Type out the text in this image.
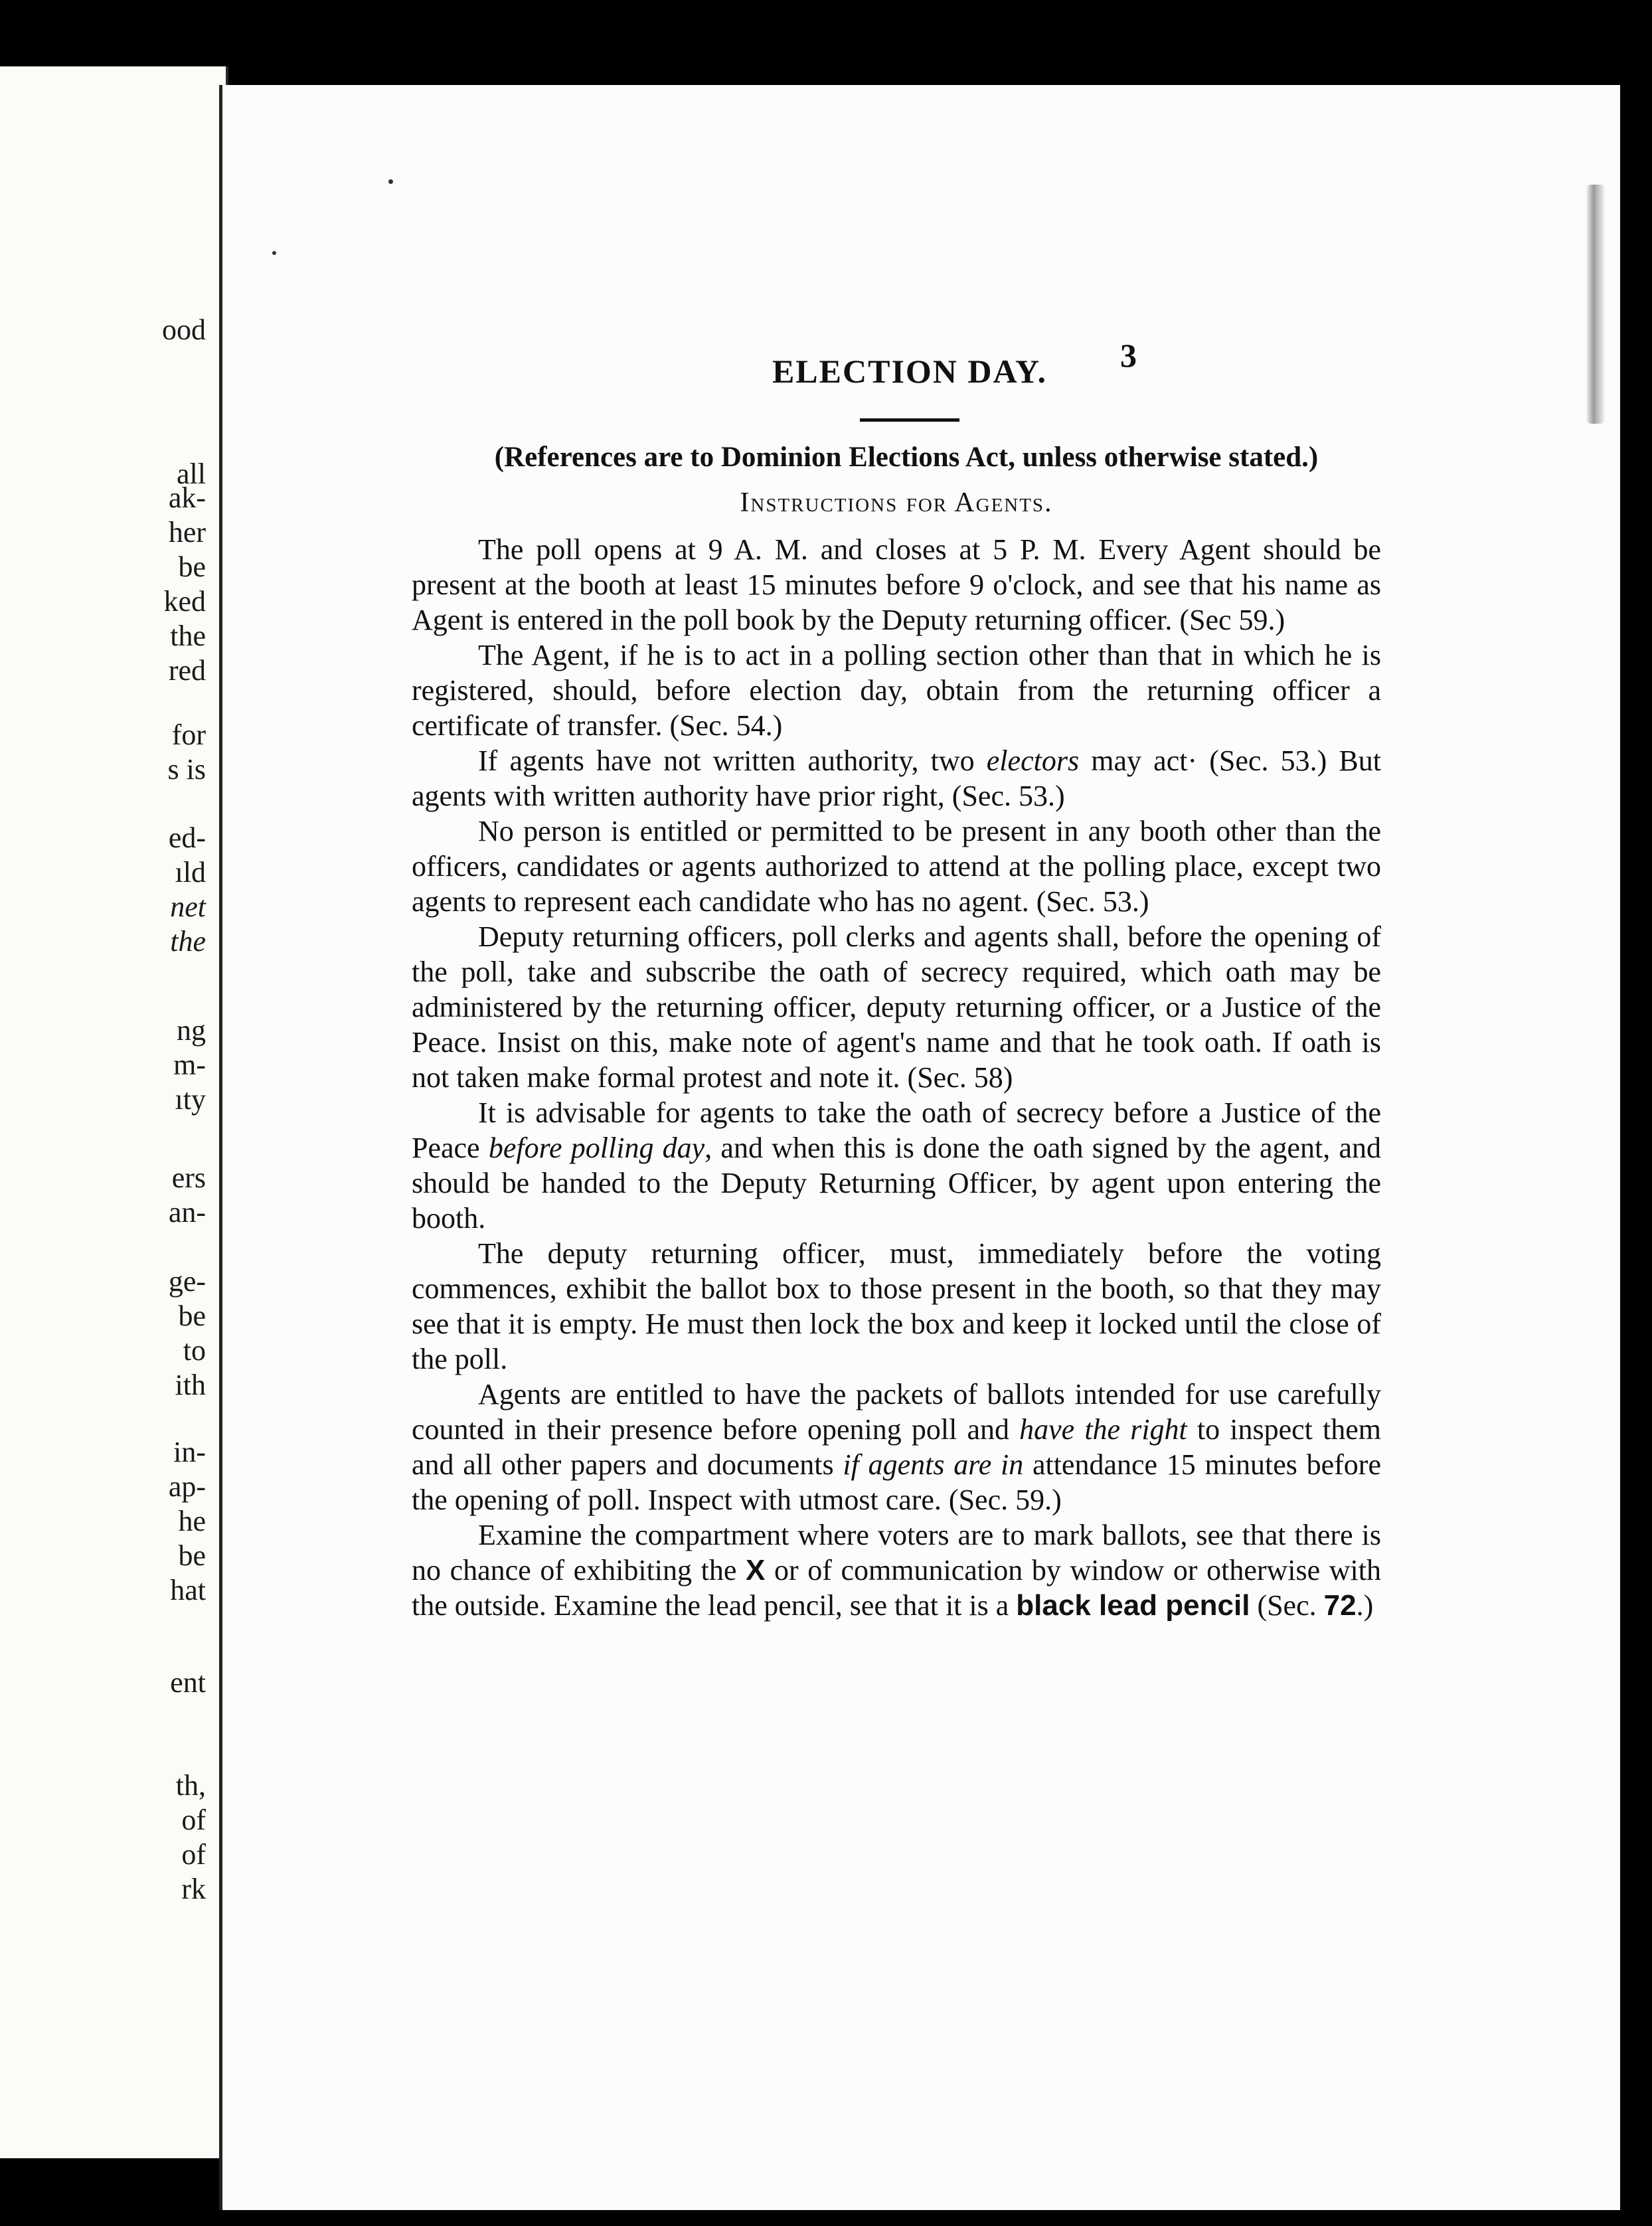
ood
all
ak-
her
be
ked
the
red
for
s is
ed-
ıld
net
the
ng
m-
ıty
ers
an-
ge-
be
to
ith
in-
ap-
he
be
hat
ent
th,
of
of
rk
3
ELECTION DAY.
(References are to Dominion Elections Act, unless otherwise stated.)
Instructions for Agents.

The poll opens at 9 A. M. and closes at 5 P. M. Every Agent should be present at the booth at least 15 minutes before 9 o'clock, and see that his name as Agent is entered in the poll book by the Deputy returning officer. (Sec 59.)

The Agent, if he is to act in a polling section other than that in which he is registered, should, before election day, obtain from the returning officer a certificate of transfer. (Sec. 54.)

If agents have not written authority, two electors may act· (Sec. 53.) But agents with written authority have prior right, (Sec. 53.)

No person is entitled or permitted to be present in any booth other than the officers, candidates or agents authorized to attend at the polling place, except two agents to represent each candidate who has no agent. (Sec. 53.)

Deputy returning officers, poll clerks and agents shall, before the opening of the poll, take and subscribe the oath of secrecy required, which oath may be administered by the returning officer, deputy returning officer, or a Justice of the Peace. Insist on this, make note of agent's name and that he took oath. If oath is not taken make formal protest and note it. (Sec. 58)

It is advisable for agents to take the oath of secrecy before a Justice of the Peace before polling day, and when this is done the oath signed by the agent, and should be handed to the Deputy Returning Officer, by agent upon entering the booth.

The deputy returning officer, must, immediately before the voting commences, exhibit the ballot box to those present in the booth, so that they may see that it is empty. He must then lock the box and keep it locked until the close of the poll.

Agents are entitled to have the packets of ballots intended for use carefully counted in their presence before opening poll and have the right to inspect them and all other papers and documents if agents are in attendance 15 minutes before the opening of poll. Inspect with utmost care. (Sec. 59.)

Examine the compartment where voters are to mark ballots, see that there is no chance of exhibiting the X or of communication by window or otherwise with the outside. Examine the lead pencil, see that it is a black lead pencil (Sec. 72.)
